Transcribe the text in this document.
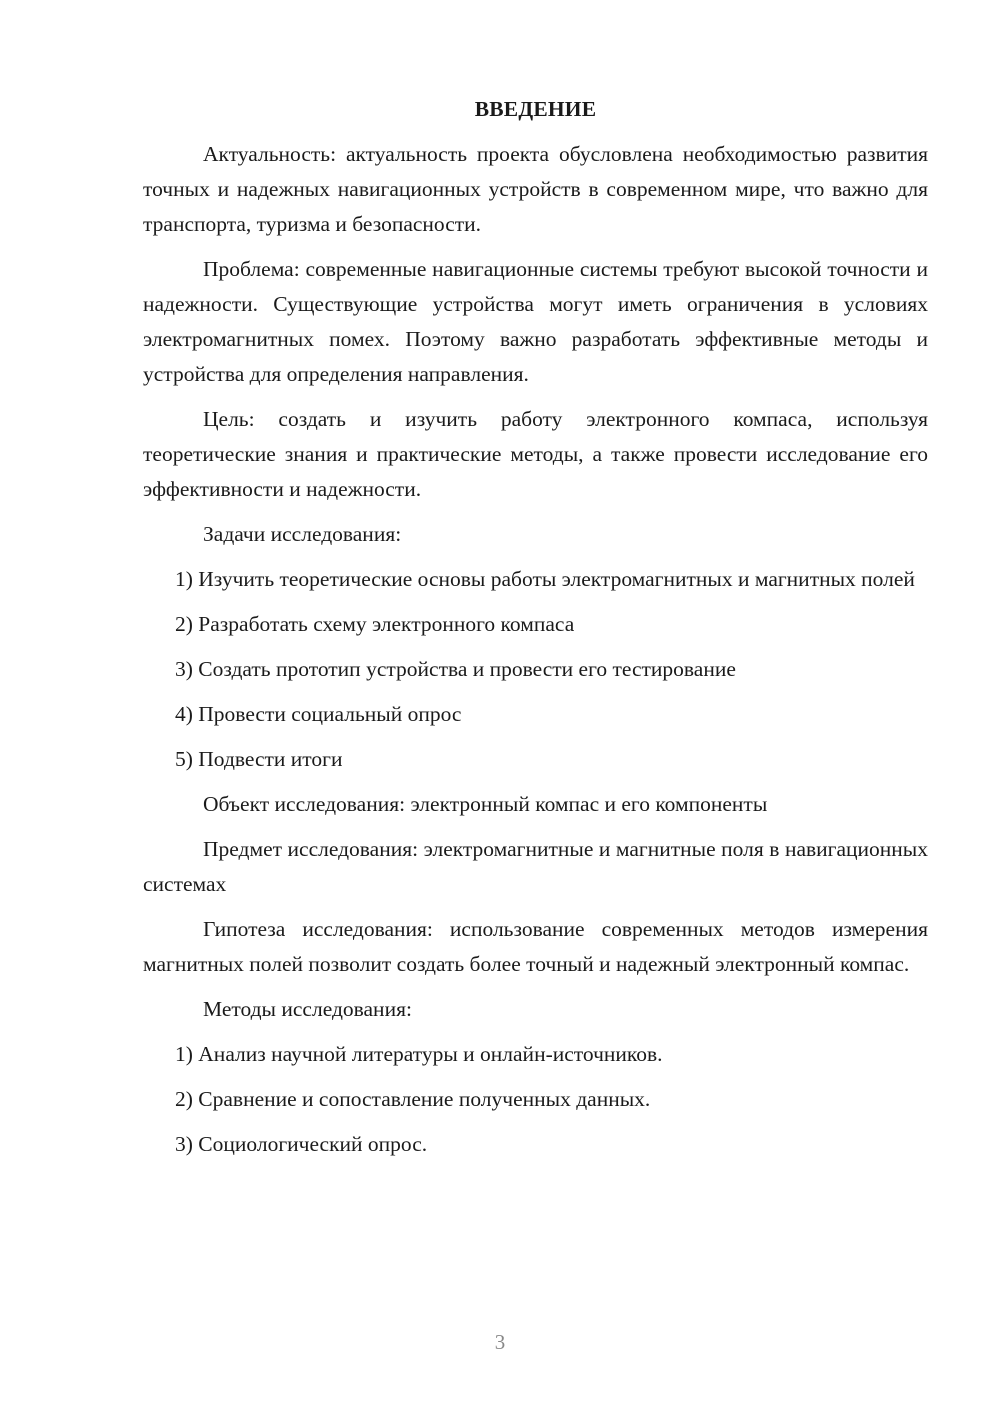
ВВЕДЕНИЕ

Актуальность: актуальность проекта обусловлена необходимостью развития точных и надежных навигационных устройств в современном мире, что важно для транспорта, туризма и безопасности.

Проблема: современные навигационные системы требуют высокой точности и надежности. Существующие устройства могут иметь ограничения в условиях электромагнитных помех. Поэтому важно разработать эффективные методы и устройства для определения направления.

Цель: создать и изучить работу электронного компаса, используя теоретические знания и практические методы, а также провести исследование его эффективности и надежности.

Задачи исследования:

1) Изучить теоретические основы работы электромагнитных и магнитных полей

2) Разработать схему электронного компаса

3) Создать прототип устройства и провести его тестирование

4) Провести социальный опрос

5) Подвести итоги

Объект исследования: электронный компас и его компоненты

Предмет исследования: электромагнитные и магнитные поля в навигационных системах

Гипотеза исследования: использование современных методов измерения магнитных полей позволит создать более точный и надежный электронный компас.

Методы исследования:

1) Анализ научной литературы и онлайн-источников.

2) Сравнение и сопоставление полученных данных.

3) Социологический опрос.

3
